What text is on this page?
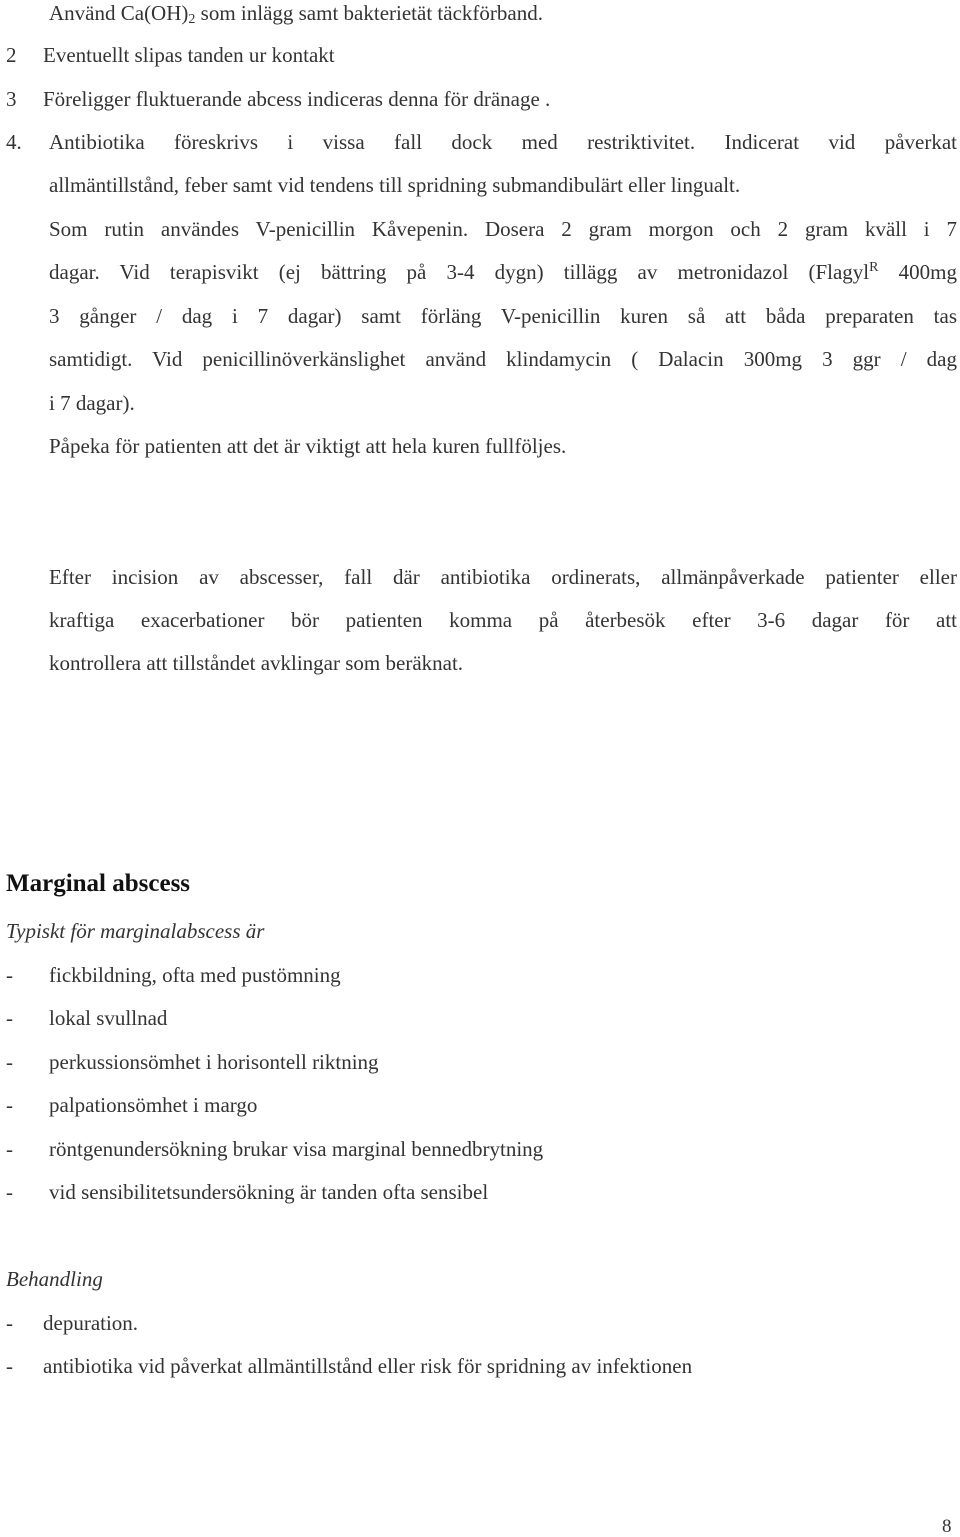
Använd $Ca(OH)_2$ som inlägg samt bakterietät täckförband.
2 Eventuellt slipas tanden ur kontakt
3 Föreligger fluktuerande abcess indiceras denna för dränage .
4. Antibiotika föreskrivs i vissa fall dock med restriktivitet. Indicerat vid påverkat
allmäntillstånd, feber samt vid tendens till spridning submandibulärt eller lingualt.
Som rutin användes V-penicillin Kåvepenin. Dosera 2 gram morgon och 2 gram kväll i 7
dagar. Vid terapisvikt (ej bättring på 3-4 dygn) tillägg av metronidazol (Flagyl$^R$ 400mg
3 gånger / dag i 7 dagar) samt förläng V-penicillin kuren så att båda preparaten tas
samtidigt. Vid penicillinöverkänslighet använd klindamycin ( Dalacin 300mg 3 ggr / dag
i 7 dagar).
Påpeka för patienten att det är viktigt att hela kuren fullföljes.
Efter incision av abscesser, fall där antibiotika ordinerats, allmänpåverkade patienter eller
kraftiga exacerbationer bör patienten komma på återbesök efter 3-6 dagar för att
kontrollera att tillståndet avklingar som beräknat.
Marginal abscess
Typiskt för marginalabscess är
- fickbildning, ofta med pustömning
- lokal svullnad
- perkussionsömhet i horisontell riktning
- palpationsömhet i margo
- röntgenundersökning brukar visa marginal bennedbrytning
- vid sensibilitetsundersökning är tanden ofta sensibel
Behandling
- depuration.
- antibiotika vid påverkat allmäntillstånd eller risk för spridning av infektionen
8
